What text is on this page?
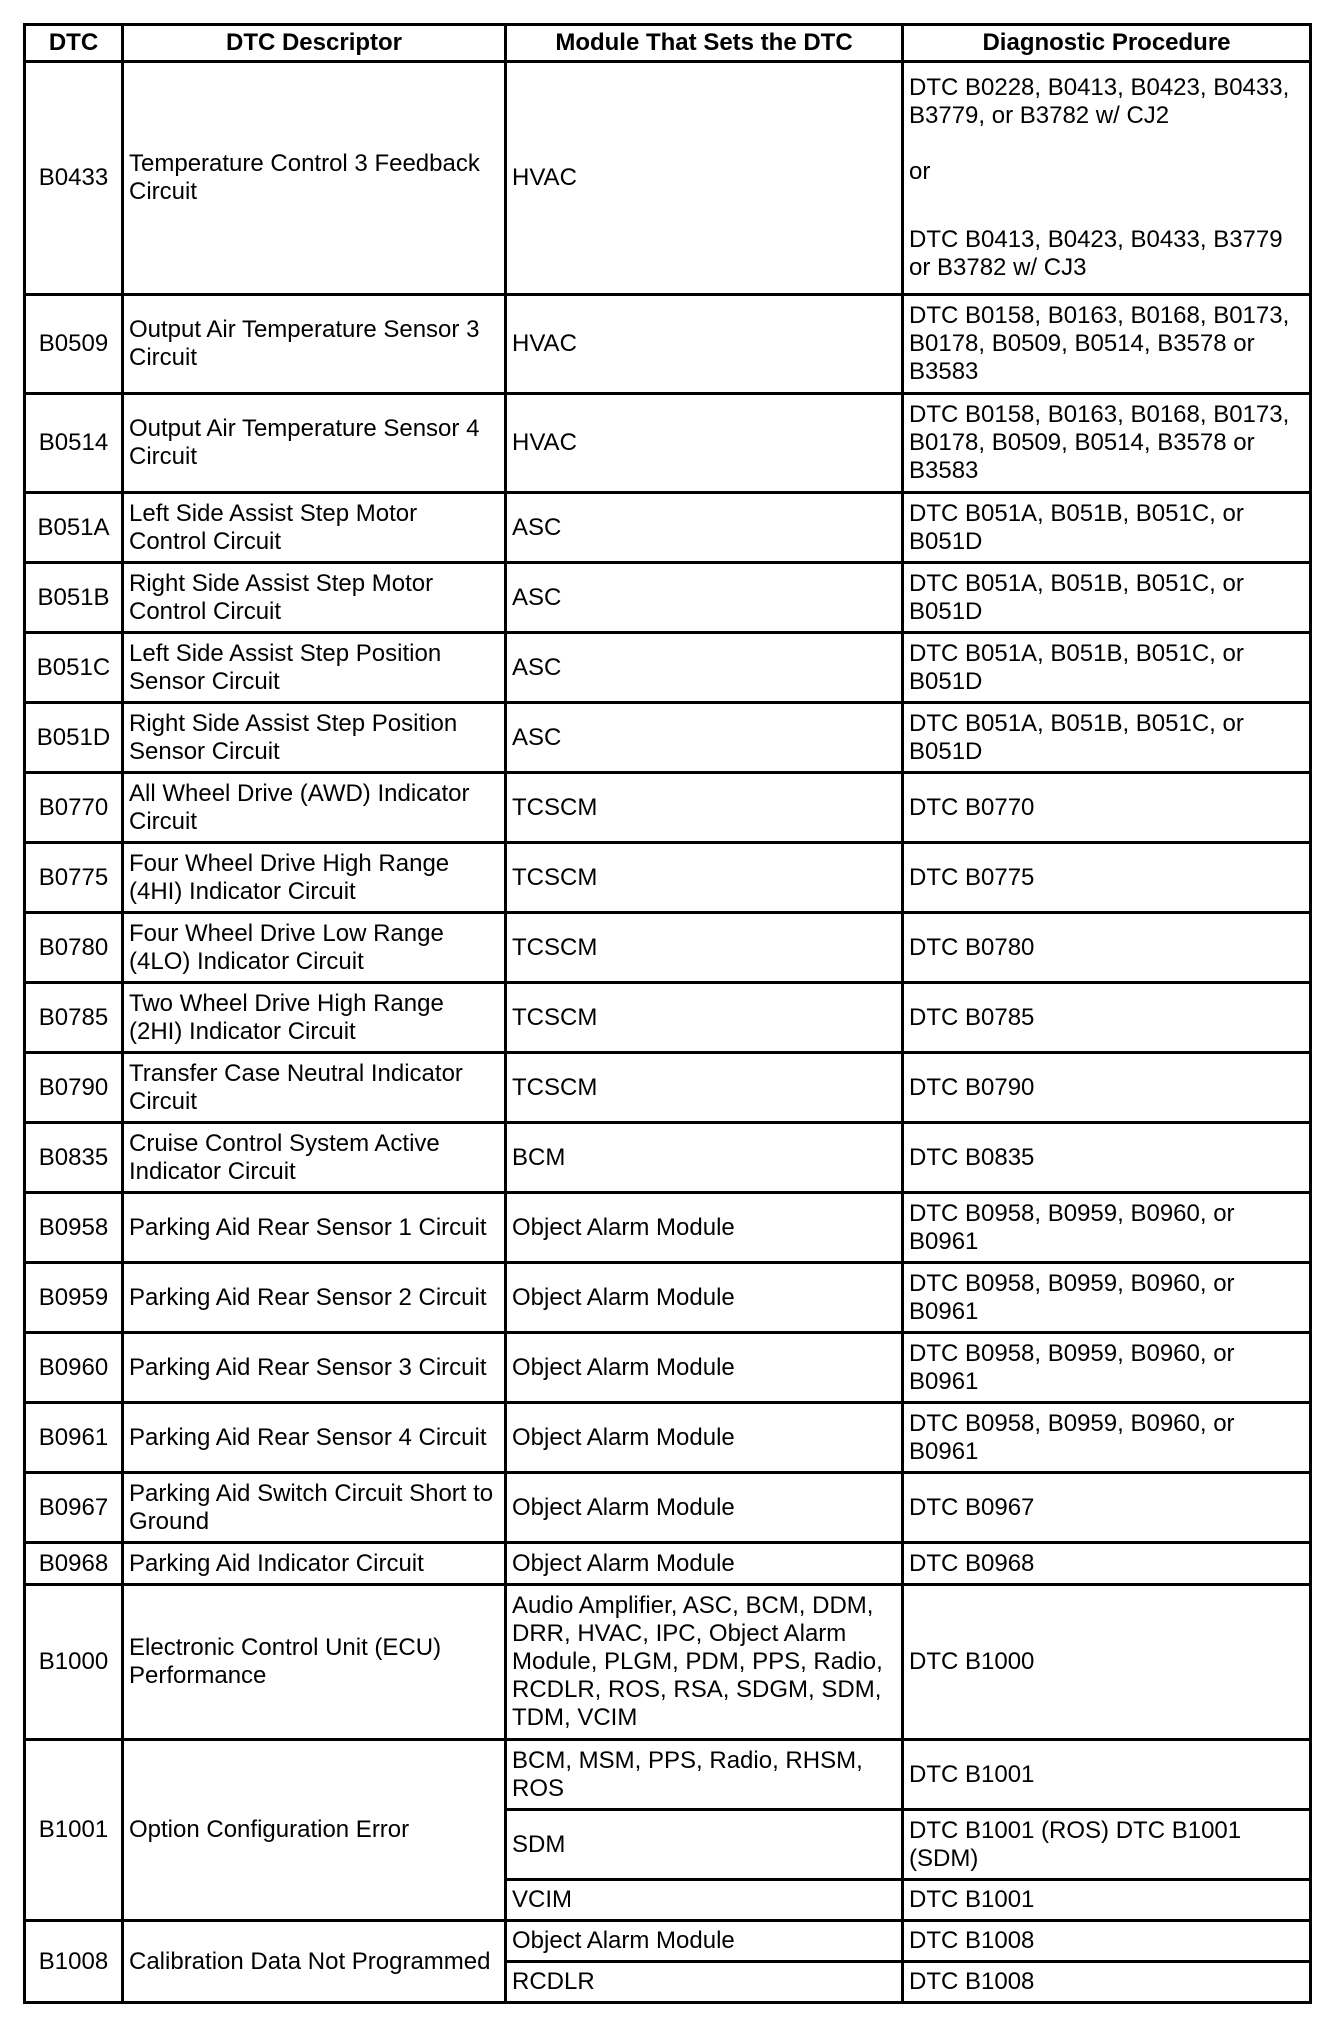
DTC	DTC Descriptor	Module That Sets the DTC	Diagnostic Procedure
B0433	Temperature Control 3 Feedback Circuit	HVAC	DTC B0228, B0413, B0423, B0433, B3779, or B3782 w/ CJ2
or
DTC B0413, B0423, B0433, B3779 or B3782 w/ CJ3

B0509	Output Air Temperature Sensor 3 Circuit	HVAC	DTC B0158, B0163, B0168, B0173, B0178, B0509, B0514, B3578 or B3583
B0514	Output Air Temperature Sensor 4 Circuit	HVAC	DTC B0158, B0163, B0168, B0173, B0178, B0509, B0514, B3578 or B3583
B051A	Left Side Assist Step Motor Control Circuit	ASC	DTC B051A, B051B, B051C, or B051D
B051B	Right Side Assist Step Motor Control Circuit	ASC	DTC B051A, B051B, B051C, or B051D
B051C	Left Side Assist Step Position Sensor Circuit	ASC	DTC B051A, B051B, B051C, or B051D
B051D	Right Side Assist Step Position Sensor Circuit	ASC	DTC B051A, B051B, B051C, or B051D
B0770	All Wheel Drive (AWD) Indicator Circuit	TCSCM	DTC B0770
B0775	Four Wheel Drive High Range (4HI) Indicator Circuit	TCSCM	DTC B0775
B0780	Four Wheel Drive Low Range (4LO) Indicator Circuit	TCSCM	DTC B0780
B0785	Two Wheel Drive High Range (2HI) Indicator Circuit	TCSCM	DTC B0785
B0790	Transfer Case Neutral Indicator Circuit	TCSCM	DTC B0790
B0835	Cruise Control System Active Indicator Circuit	BCM	DTC B0835
B0958	Parking Aid Rear Sensor 1 Circuit	Object Alarm Module	DTC B0958, B0959, B0960, or B0961
B0959	Parking Aid Rear Sensor 2 Circuit	Object Alarm Module	DTC B0958, B0959, B0960, or B0961
B0960	Parking Aid Rear Sensor 3 Circuit	Object Alarm Module	DTC B0958, B0959, B0960, or B0961
B0961	Parking Aid Rear Sensor 4 Circuit	Object Alarm Module	DTC B0958, B0959, B0960, or B0961
B0967	Parking Aid Switch Circuit Short to Ground	Object Alarm Module	DTC B0967
B0968	Parking Aid Indicator Circuit	Object Alarm Module	DTC B0968
B1000	Electronic Control Unit (ECU) Performance	Audio Amplifier, ASC, BCM, DDM, DRR, HVAC, IPC, Object Alarm Module, PLGM, PDM, PPS, Radio, RCDLR, ROS, RSA, SDGM, SDM, TDM, VCIM	DTC B1000
B1001	Option Configuration Error	BCM, MSM, PPS, Radio, RHSM, ROS	DTC B1001
		SDM	DTC B1001 (ROS) DTC B1001 (SDM)
		VCIM	DTC B1001
B1008	Calibration Data Not Programmed	Object Alarm Module	DTC B1008
		RCDLR	DTC B1008
